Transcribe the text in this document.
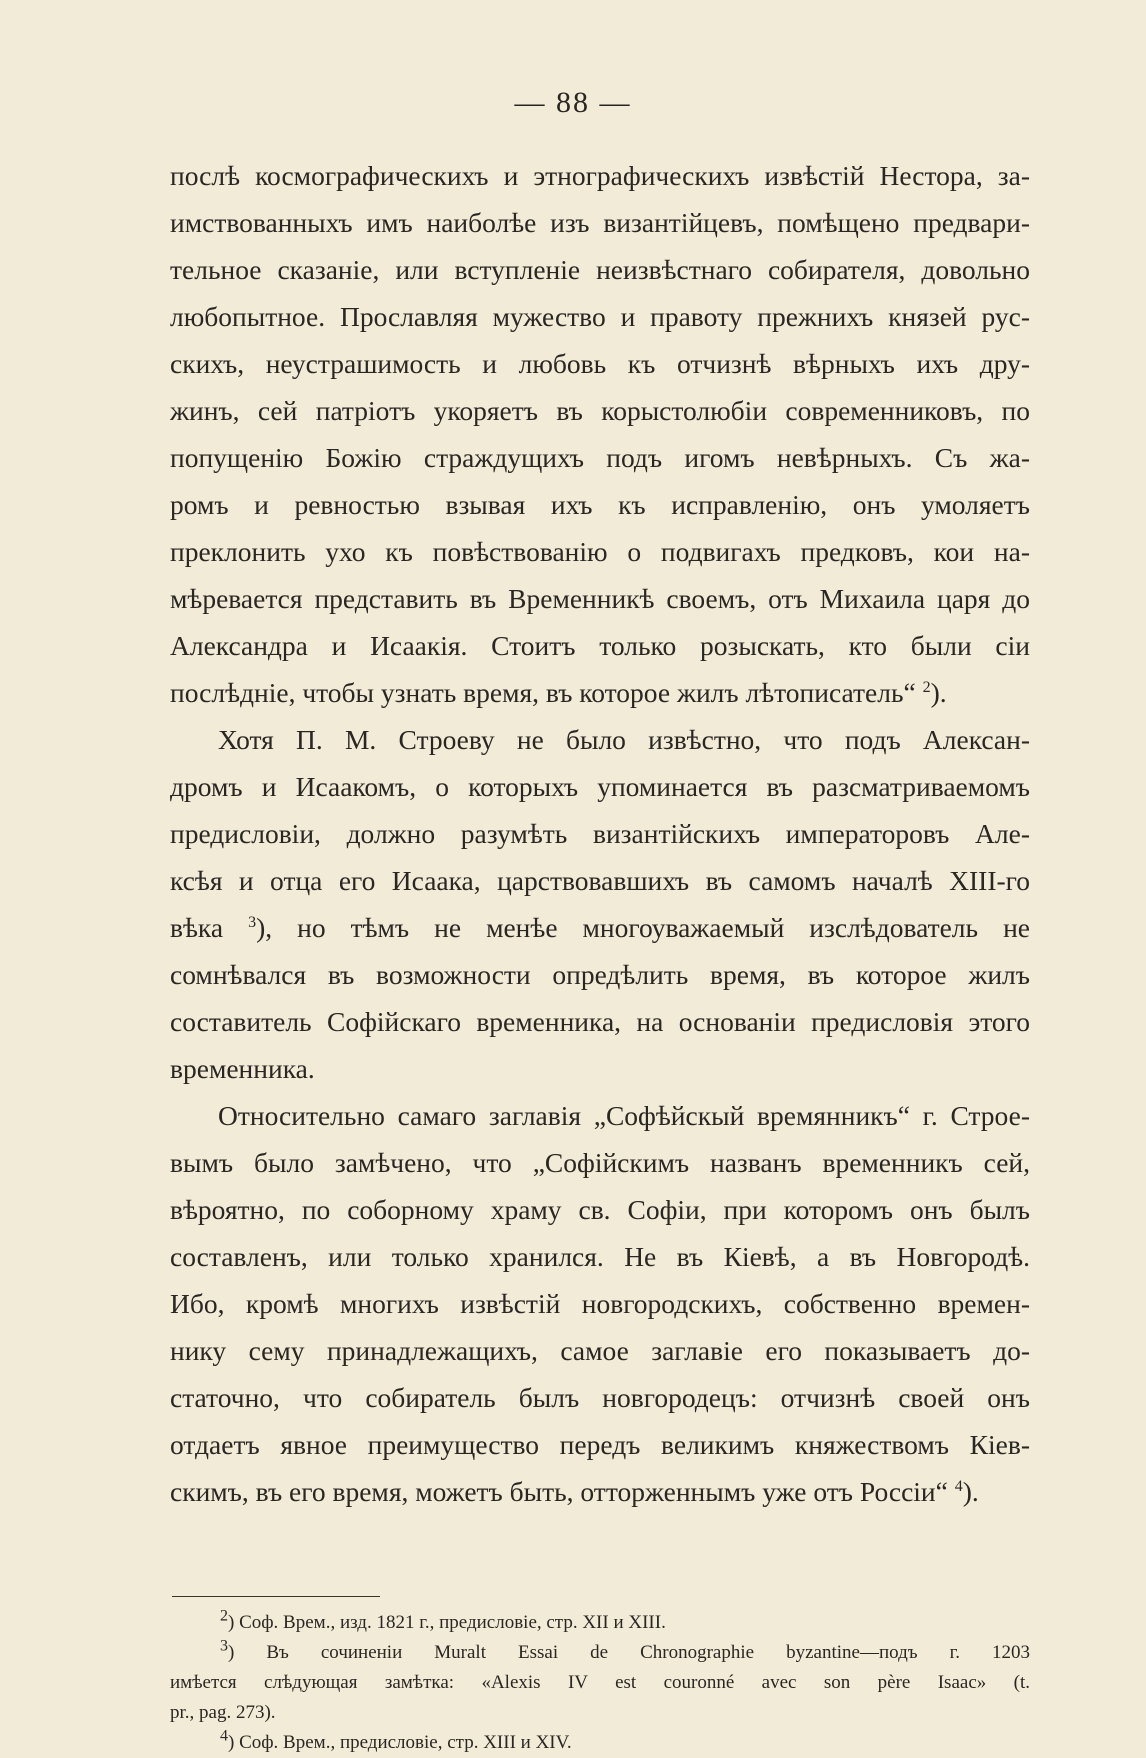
— 88 —
послѣ космографическихъ и этнографическихъ извѣстій Нестора, за-
имствованныхъ имъ наиболѣе изъ византійцевъ, помѣщено предвари-
тельное сказаніе, или вступленіе неизвѣстнаго собирателя, довольно
любопытное. Прославляя мужество и правоту прежнихъ князей рус-
скихъ, неустрашимость и любовь къ отчизнѣ вѣрныхъ ихъ дру-
жинъ, сей патріотъ укоряетъ въ корыстолюбіи современниковъ, по
попущенію Божію страждущихъ подъ игомъ невѣрныхъ. Съ жа-
ромъ и ревностью взывая ихъ къ исправленію, онъ умоляетъ
преклонить ухо къ повѣствованію о подвигахъ предковъ, кои на-
мѣревается представить въ Временникѣ своемъ, отъ Михаила царя до
Александра и Исаакія. Стоитъ только розыскать, кто были сіи
послѣдніе, чтобы узнать время, въ которое жилъ лѣтописатель“ $^2$).
Хотя П. М. Строеву не было извѣстно, что подъ Алексан-
дромъ и Исаакомъ, о которыхъ упоминается въ разсматриваемомъ
предисловіи, должно разумѣть византійскихъ императоровъ Але-
ксѣя и отца его Исаака, царствовавшихъ въ самомъ началѣ XIII-го
вѣка $^3$), но тѣмъ не менѣе многоуважаемый изслѣдователь не
сомнѣвался въ возможности опредѣлить время, въ которое жилъ
составитель Софійскаго временника, на основаніи предисловія этого
временника.
Относительно самаго заглавія „Софѣйскый времянникъ“ г. Строе-
вымъ было замѣчено, что „Софійскимъ названъ временникъ сей,
вѣроятно, по соборному храму св. Софіи, при которомъ онъ былъ
составленъ, или только хранился. Не въ Кіевѣ, а въ Новгородѣ.
Ибо, кромѣ многихъ извѣстій новгородскихъ, собственно времен-
нику сему принадлежащихъ, самое заглавіе его показываетъ до-
статочно, что собиратель былъ новгородецъ: отчизнѣ своей онъ
отдаетъ явное преимущество передъ великимъ княжествомъ Кіев-
скимъ, въ его время, можетъ быть, отторженнымъ уже отъ Россіи“ $^4$).
$^2$) Соф. Врем., изд. 1821 г., предисловіе, стр. XII и XIII.
$^3$) Въ сочиненіи Muralt Essai de Chronographie byzantine—подъ г. 1203
имѣется слѣдующая замѣтка: «Alexis IV est couronné avec son père Isaac» (t.
pr., pag. 273).
$^4$) Соф. Врем., предисловіе, стр. XIII и XIV.
